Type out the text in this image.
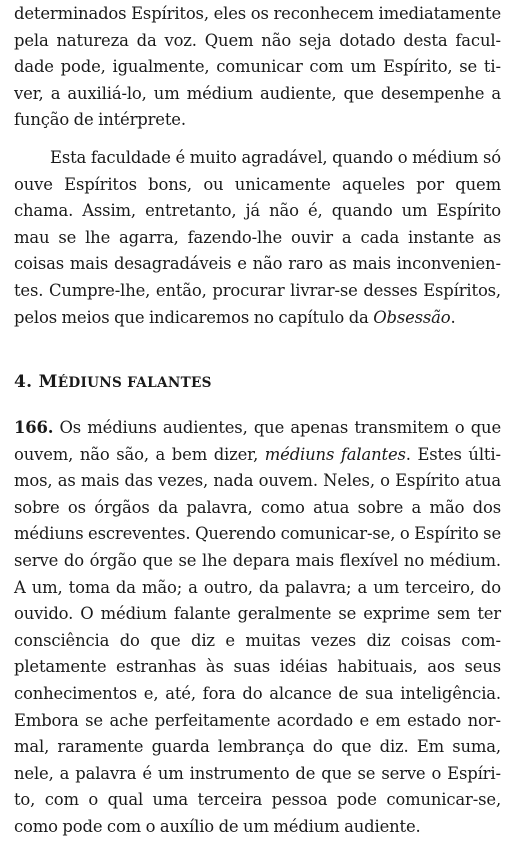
determinados Espíritos, eles os reconhecem imediatamente pela natureza da voz. Quem não seja dotado desta faculdade pode, igualmente, comunicar com um Espírito, se tiver, a auxiliá-lo, um médium audiente, que desempenhe a função de intérprete.

Esta faculdade é muito agradável, quando o médium só ouve Espíritos bons, ou unicamente aqueles por quem chama. Assim, entretanto, já não é, quando um Espírito mau se lhe agarra, fazendo-lhe ouvir a cada instante as coisas mais desagradáveis e não raro as mais inconvenientes. Cumpre-lhe, então, procurar livrar-se desses Espíritos, pelos meios que indicaremos no capítulo da Obsessão.

4. MÉDIUNS FALANTES

166. Os médiuns audientes, que apenas transmitem o que ouvem, não são, a bem dizer, médiuns falantes. Estes últimos, as mais das vezes, nada ouvem. Neles, o Espírito atua sobre os órgãos da palavra, como atua sobre a mão dos médiuns escreventes. Querendo comunicar-se, o Espírito se serve do órgão que se lhe depara mais flexível no médium. A um, toma da mão; a outro, da palavra; a um terceiro, do ouvido. O médium falante geralmente se exprime sem ter consciência do que diz e muitas vezes diz coisas completamente estranhas às suas idéias habituais, aos seus conhecimentos e, até, fora do alcance de sua inteligência. Embora se ache perfeitamente acordado e em estado normal, raramente guarda lembrança do que diz. Em suma, nele, a palavra é um instrumento de que se serve o Espírito, com o qual uma terceira pessoa pode comunicar-se, como pode com o auxílio de um médium audiente.
